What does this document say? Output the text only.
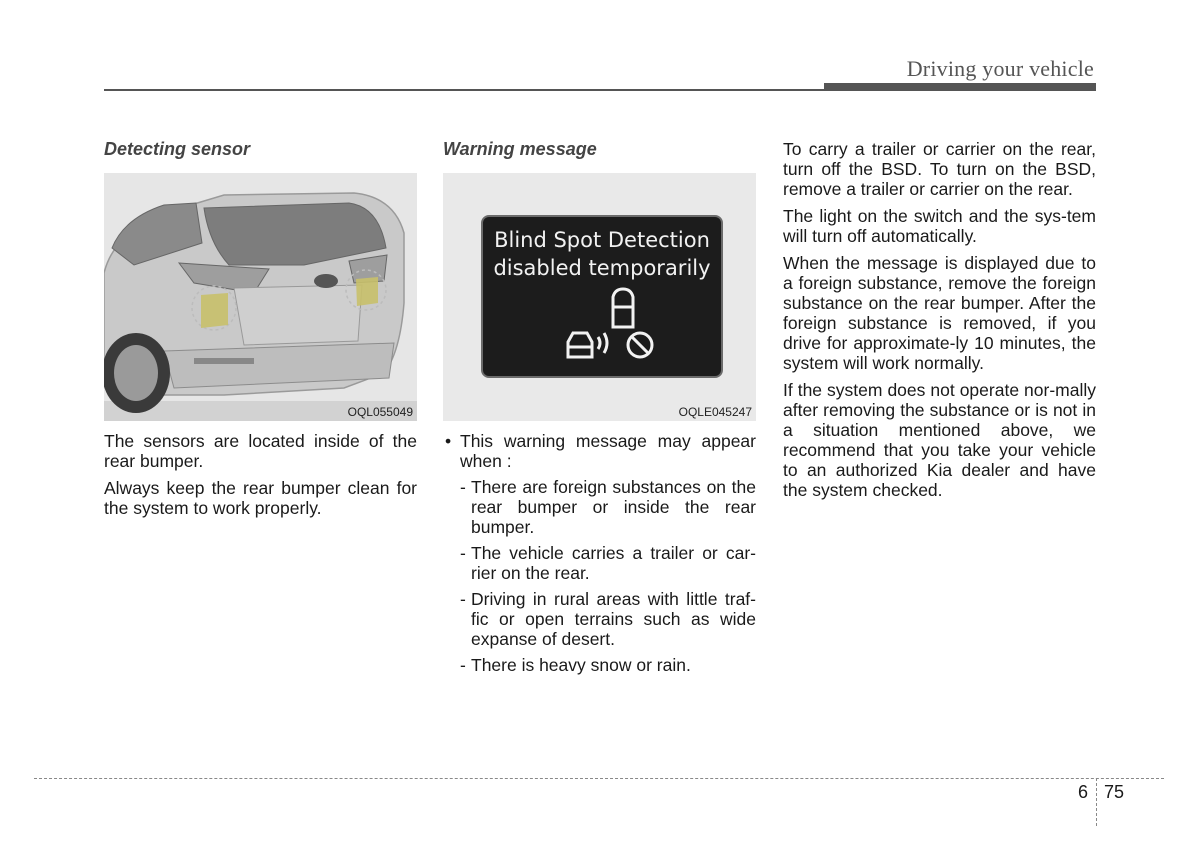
Driving your vehicle
Detecting sensor
OQL055049

The sensors are located inside of the rear bumper.

Always keep the rear bumper clean for the system to work properly.

Warning message
Blind Spot Detection
disabled temporarily
OQLE045247
• This warning message may appear when :
- There are foreign substances on the rear bumper or inside the rear bumper.
- The vehicle carries a trailer or car-rier on the rear.
- Driving in rural areas with little traf-fic or open terrains such as wide expanse of desert.
- There is heavy snow or rain.

To carry a trailer or carrier on the rear, turn off the BSD. To turn on the BSD, remove a trailer or carrier on the rear.

The light on the switch and the sys-tem will turn off automatically.

When the message is displayed due to a foreign substance, remove the foreign substance on the rear bumper. After the foreign substance is removed, if you drive for approximate-ly 10 minutes, the system will work normally.

If the system does not operate nor-mally after removing the substance or is not in a situation mentioned above, we recommend that you take your vehicle to an authorized Kia dealer and have the system checked.

6 75
